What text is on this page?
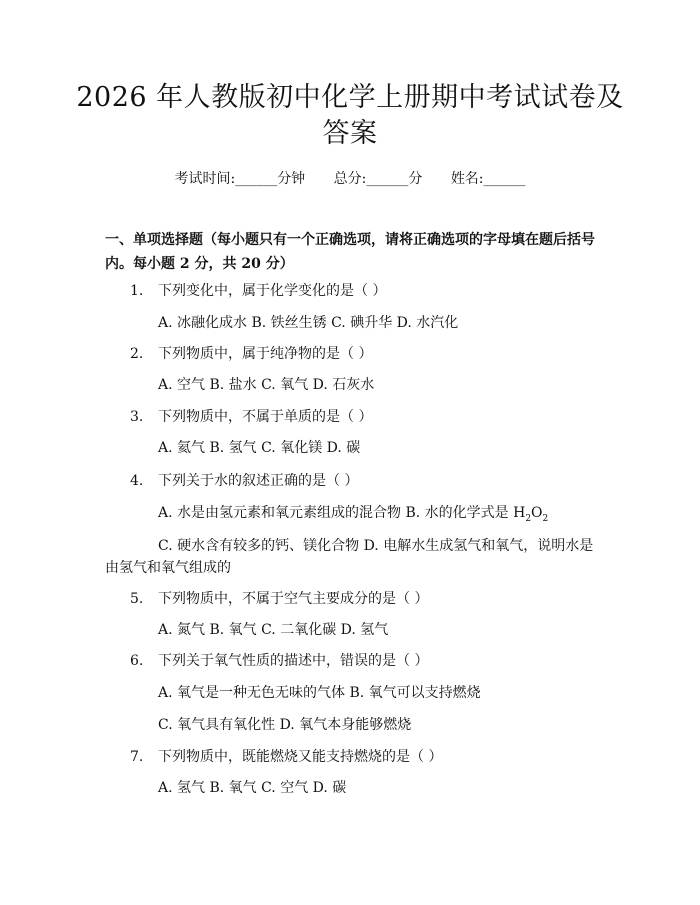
2026 年人教版初中化学上册期中考试试卷及
答案
考试时间:______分钟 总分:______分 姓名:______
一、单项选择题（每小题只有一个正确选项，请将正确选项的字母填在题后括号内。每小题 2 分，共 20 分）
1. 下列变化中，属于化学变化的是（ ）
A. 冰融化成水 B. 铁丝生锈 C. 碘升华 D. 水汽化
2. 下列物质中，属于纯净物的是（ ）
A. 空气 B. 盐水 C. 氧气 D. 石灰水
3. 下列物质中，不属于单质的是（ ）
A. 氦气 B. 氢气 C. 氧化镁 D. 碳
4. 下列关于水的叙述正确的是（ ）
A. 水是由氢元素和氧元素组成的混合物 B. 水的化学式是 $H_2O_2$
C. 硬水含有较多的钙、镁化合物 D. 电解水生成氢气和氧气，说明水是由氢气和氧气组成的
5. 下列物质中，不属于空气主要成分的是（ ）
A. 氮气 B. 氧气 C. 二氧化碳 D. 氢气
6. 下列关于氧气性质的描述中，错误的是（ ）
A. 氧气是一种无色无味的气体 B. 氧气可以支持燃烧
C. 氧气具有氧化性 D. 氧气本身能够燃烧
7. 下列物质中，既能燃烧又能支持燃烧的是（ ）
A. 氢气 B. 氧气 C. 空气 D. 碳
